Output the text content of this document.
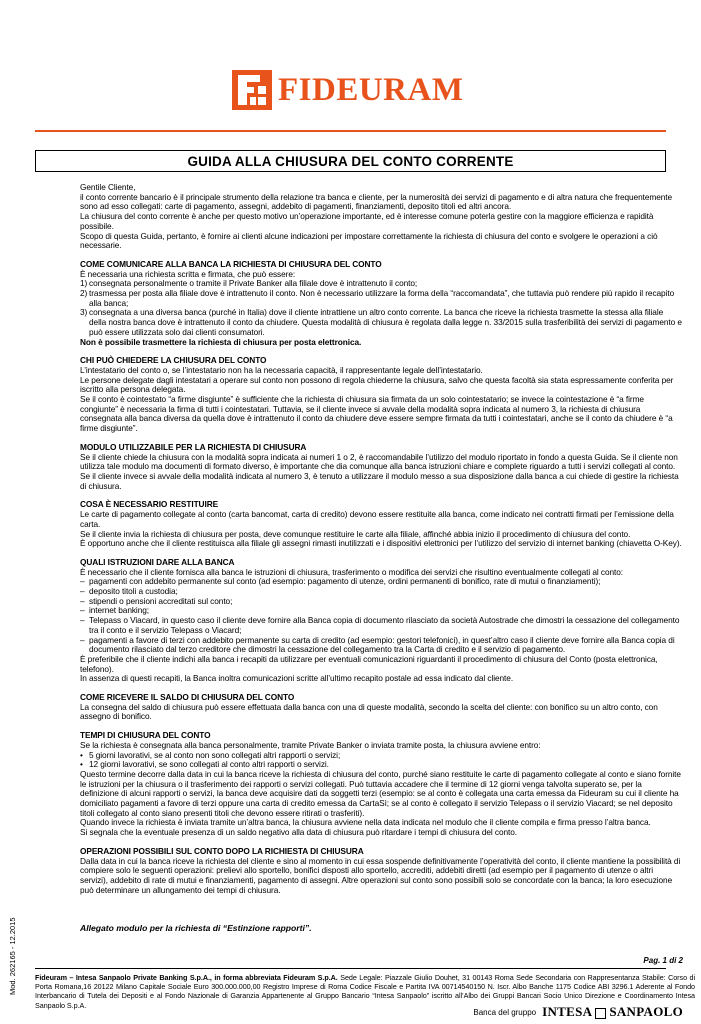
FIDEURAM
GUIDA ALLA CHIUSURA DEL CONTO CORRENTE

Gentile Cliente,

il conto corrente bancario è il principale strumento della relazione tra banca e cliente, per la numerosità dei servizi di pagamento e di altra natura che frequentemente sono ad esso collegati: carte di pagamento, assegni, addebito di pagamenti, finanziamenti, deposito titoli ed altri ancora.

La chiusura del conto corrente è anche per questo motivo un’operazione importante, ed è interesse comune poterla gestire con la maggiore efficienza e rapidità possibile.

Scopo di questa Guida, pertanto, è fornire ai clienti alcune indicazioni per impostare correttamente la richiesta di chiusura del conto e svolgere le operazioni a ciò necessarie.

COME COMUNICARE ALLA BANCA LA RICHIESTA DI CHIUSURA DEL CONTO

È necessaria una richiesta scritta e firmata, che può essere:

1) consegnata personalmente o tramite il Private Banker alla filiale dove è intrattenuto il conto;
2) trasmessa per posta alla filiale dove è intrattenuto il conto. Non è necessario utilizzare la forma della “raccomandata”, che tuttavia può rendere più rapido il recapito alla banca;
3) consegnata a una diversa banca (purché in Italia) dove il cliente intrattiene un altro conto corrente. La banca che riceve la richiesta trasmette la stessa alla filiale della nostra banca dove è intrattenuto il conto da chiudere. Questa modalità di chiusura è regolata dalla legge n. 33/2015 sulla trasferibilità dei servizi di pagamento e può essere utilizzata solo dai clienti consumatori.

Non è possibile trasmettere la richiesta di chiusura per posta elettronica.

CHI PUÒ CHIEDERE LA CHIUSURA DEL CONTO

L’intestatario del conto o, se l’intestatario non ha la necessaria capacità, il rappresentante legale dell’intestatario.

Le persone delegate dagli intestatari a operare sul conto non possono di regola chiederne la chiusura, salvo che questa facoltà sia stata espressamente conferita per iscritto alla persona delegata.

Se il conto è cointestato “a firme disgiunte” è sufficiente che la richiesta di chiusura sia firmata da un solo cointestatario; se invece la cointestazione è “a firme congiunte” è necessaria la firma di tutti i cointestatari. Tuttavia, se il cliente invece si avvale della modalità sopra indicata al numero 3, la richiesta di chiusura consegnata alla banca diversa da quella dove è intrattenuto il conto da chiudere deve essere sempre firmata da tutti i cointestatari, anche se il conto da chiudere è “a firme disgiunte”.

MODULO UTILIZZABILE PER LA RICHIESTA DI CHIUSURA

Se il cliente chiede la chiusura con la modalità sopra indicata ai numeri 1 o 2, è raccomandabile l’utilizzo del modulo riportato in fondo a questa Guida. Se il cliente non utilizza tale modulo ma documenti di formato diverso, è importante che dia comunque alla banca istruzioni chiare e complete riguardo a tutti i servizi collegati al conto.

Se il cliente invece si avvale della modalità indicata al numero 3, è tenuto a utilizzare il modulo messo a sua disposizione dalla banca a cui chiede di gestire la richiesta di chiusura.

COSA È NECESSARIO RESTITUIRE

Le carte di pagamento collegate al conto (carta bancomat, carta di credito) devono essere restituite alla banca, come indicato nei contratti firmati per l’emissione della carta.

Se il cliente invia la richiesta di chiusura per posta, deve comunque restituire le carte alla filiale, affinché abbia inizio il procedimento di chiusura del conto.

È opportuno anche che il cliente restituisca alla filiale gli assegni rimasti inutilizzati e i dispositivi elettronici per l’utilizzo del servizio di internet banking (chiavetta O-Key).

QUALI ISTRUZIONI DARE ALLA BANCA

È necessario che il cliente fornisca alla banca le istruzioni di chiusura, trasferimento o modifica dei servizi che risultino eventualmente collegati al conto:

– pagamenti con addebito permanente sul conto (ad esempio: pagamento di utenze, ordini permanenti di bonifico, rate di mutui o finanziamenti);
– deposito titoli a custodia;
– stipendi o pensioni accreditati sul conto;
– internet banking;
– Telepass o Viacard, in questo caso il cliente deve fornire alla Banca copia di documento rilasciato da società Autostrade che dimostri la cessazione del collegamento tra il conto e il servizio Telepass o Viacard;
– pagamenti a favore di terzi con addebito permanente su carta di credito (ad esempio: gestori telefonici), in quest’altro caso il cliente deve fornire alla Banca copia di documento rilasciato dal terzo creditore che dimostri la cessazione del collegamento tra la Carta di credito e il servizio di pagamento.

È preferibile che il cliente indichi alla banca i recapiti da utilizzare per eventuali comunicazioni riguardanti il procedimento di chiusura del Conto (posta elettronica, telefono).

In assenza di questi recapiti, la Banca inoltra comunicazioni scritte all’ultimo recapito postale ad essa indicato dal cliente.

COME RICEVERE IL SALDO DI CHIUSURA DEL CONTO

La consegna del saldo di chiusura può essere effettuata dalla banca con una di queste modalità, secondo la scelta del cliente: con bonifico su un altro conto, con assegno di bonifico.

TEMPI DI CHIUSURA DEL CONTO

Se la richiesta è consegnata alla banca personalmente, tramite Private Banker o inviata tramite posta, la chiusura avviene entro:

• 5 giorni lavorativi, se al conto non sono collegati altri rapporti o servizi;
• 12 giorni lavorativi, se sono collegati al conto altri rapporti o servizi.

Questo termine decorre dalla data in cui la banca riceve la richiesta di chiusura del conto, purché siano restituite le carte di pagamento collegate al conto e siano fornite le istruzioni per la chiusura o il trasferimento dei rapporti o servizi collegati. Può tuttavia accadere che il termine di 12 giorni venga talvolta superato se, per la definizione di alcuni rapporti o servizi, la banca deve acquisire dati da soggetti terzi (esempio: se al conto è collegata una carta emessa da Fideuram su cui il cliente ha domiciliato pagamenti a favore di terzi oppure una carta di credito emessa da CartaSì; se al conto è collegato il servizio Telepass o il servizio Viacard; se nel deposito titoli collegato al conto siano presenti titoli che devono essere ritirati o trasferiti).

Quando invece la richiesta è inviata tramite un’altra banca, la chiusura avviene nella data indicata nel modulo che il cliente compila e firma presso l’altra banca.

Si segnala che la eventuale presenza di un saldo negativo alla data di chiusura può ritardare i tempi di chiusura del conto.

OPERAZIONI POSSIBILI SUL CONTO DOPO LA RICHIESTA DI CHIUSURA

Dalla data in cui la banca riceve la richiesta del cliente e sino al momento in cui essa sospende definitivamente l’operatività del conto, il cliente mantiene la possibilità di compiere solo le seguenti operazioni: prelievi allo sportello, bonifici disposti allo sportello, accrediti, addebiti diretti (ad esempio per il pagamento di utenze o altri servizi), addebito di rate di mutui e finanziamenti, pagamento di assegni. Altre operazioni sul conto sono possibili solo se concordate con la banca; la loro esecuzione può determinare un allungamento dei tempi di chiusura.

Allegato modulo per la richiesta di “Estinzione rapporti”.
Pag. 1 di 2
Mod. 262165 - 12.2015	Fideuram – Intesa Sanpaolo Private Banking S.p.A., in forma abbreviata Fideuram S.p.A. Sede Legale: Piazzale Giulio Douhet, 31 00143 Roma Sede Secondaria con Rappresentanza Stabile: Corso di Porta Romana,16 20122 Milano Capitale Sociale Euro 300.000.000,00 Registro Imprese di Roma Codice Fiscale e Partita IVA 00714540150 N. Iscr. Albo Banche 1175 Codice ABI 3296.1 Aderente al Fondo Interbancario di Tutela dei Depositi e al Fondo Nazionale di Garanzia Appartenente al Gruppo Bancario “Intesa Sanpaolo” iscritto all’Albo dei Gruppi Bancari Socio Unico Direzione e Coordinamento Intesa Sanpaolo S.p.A.
Banca del gruppo INTESA SANPAOLO
